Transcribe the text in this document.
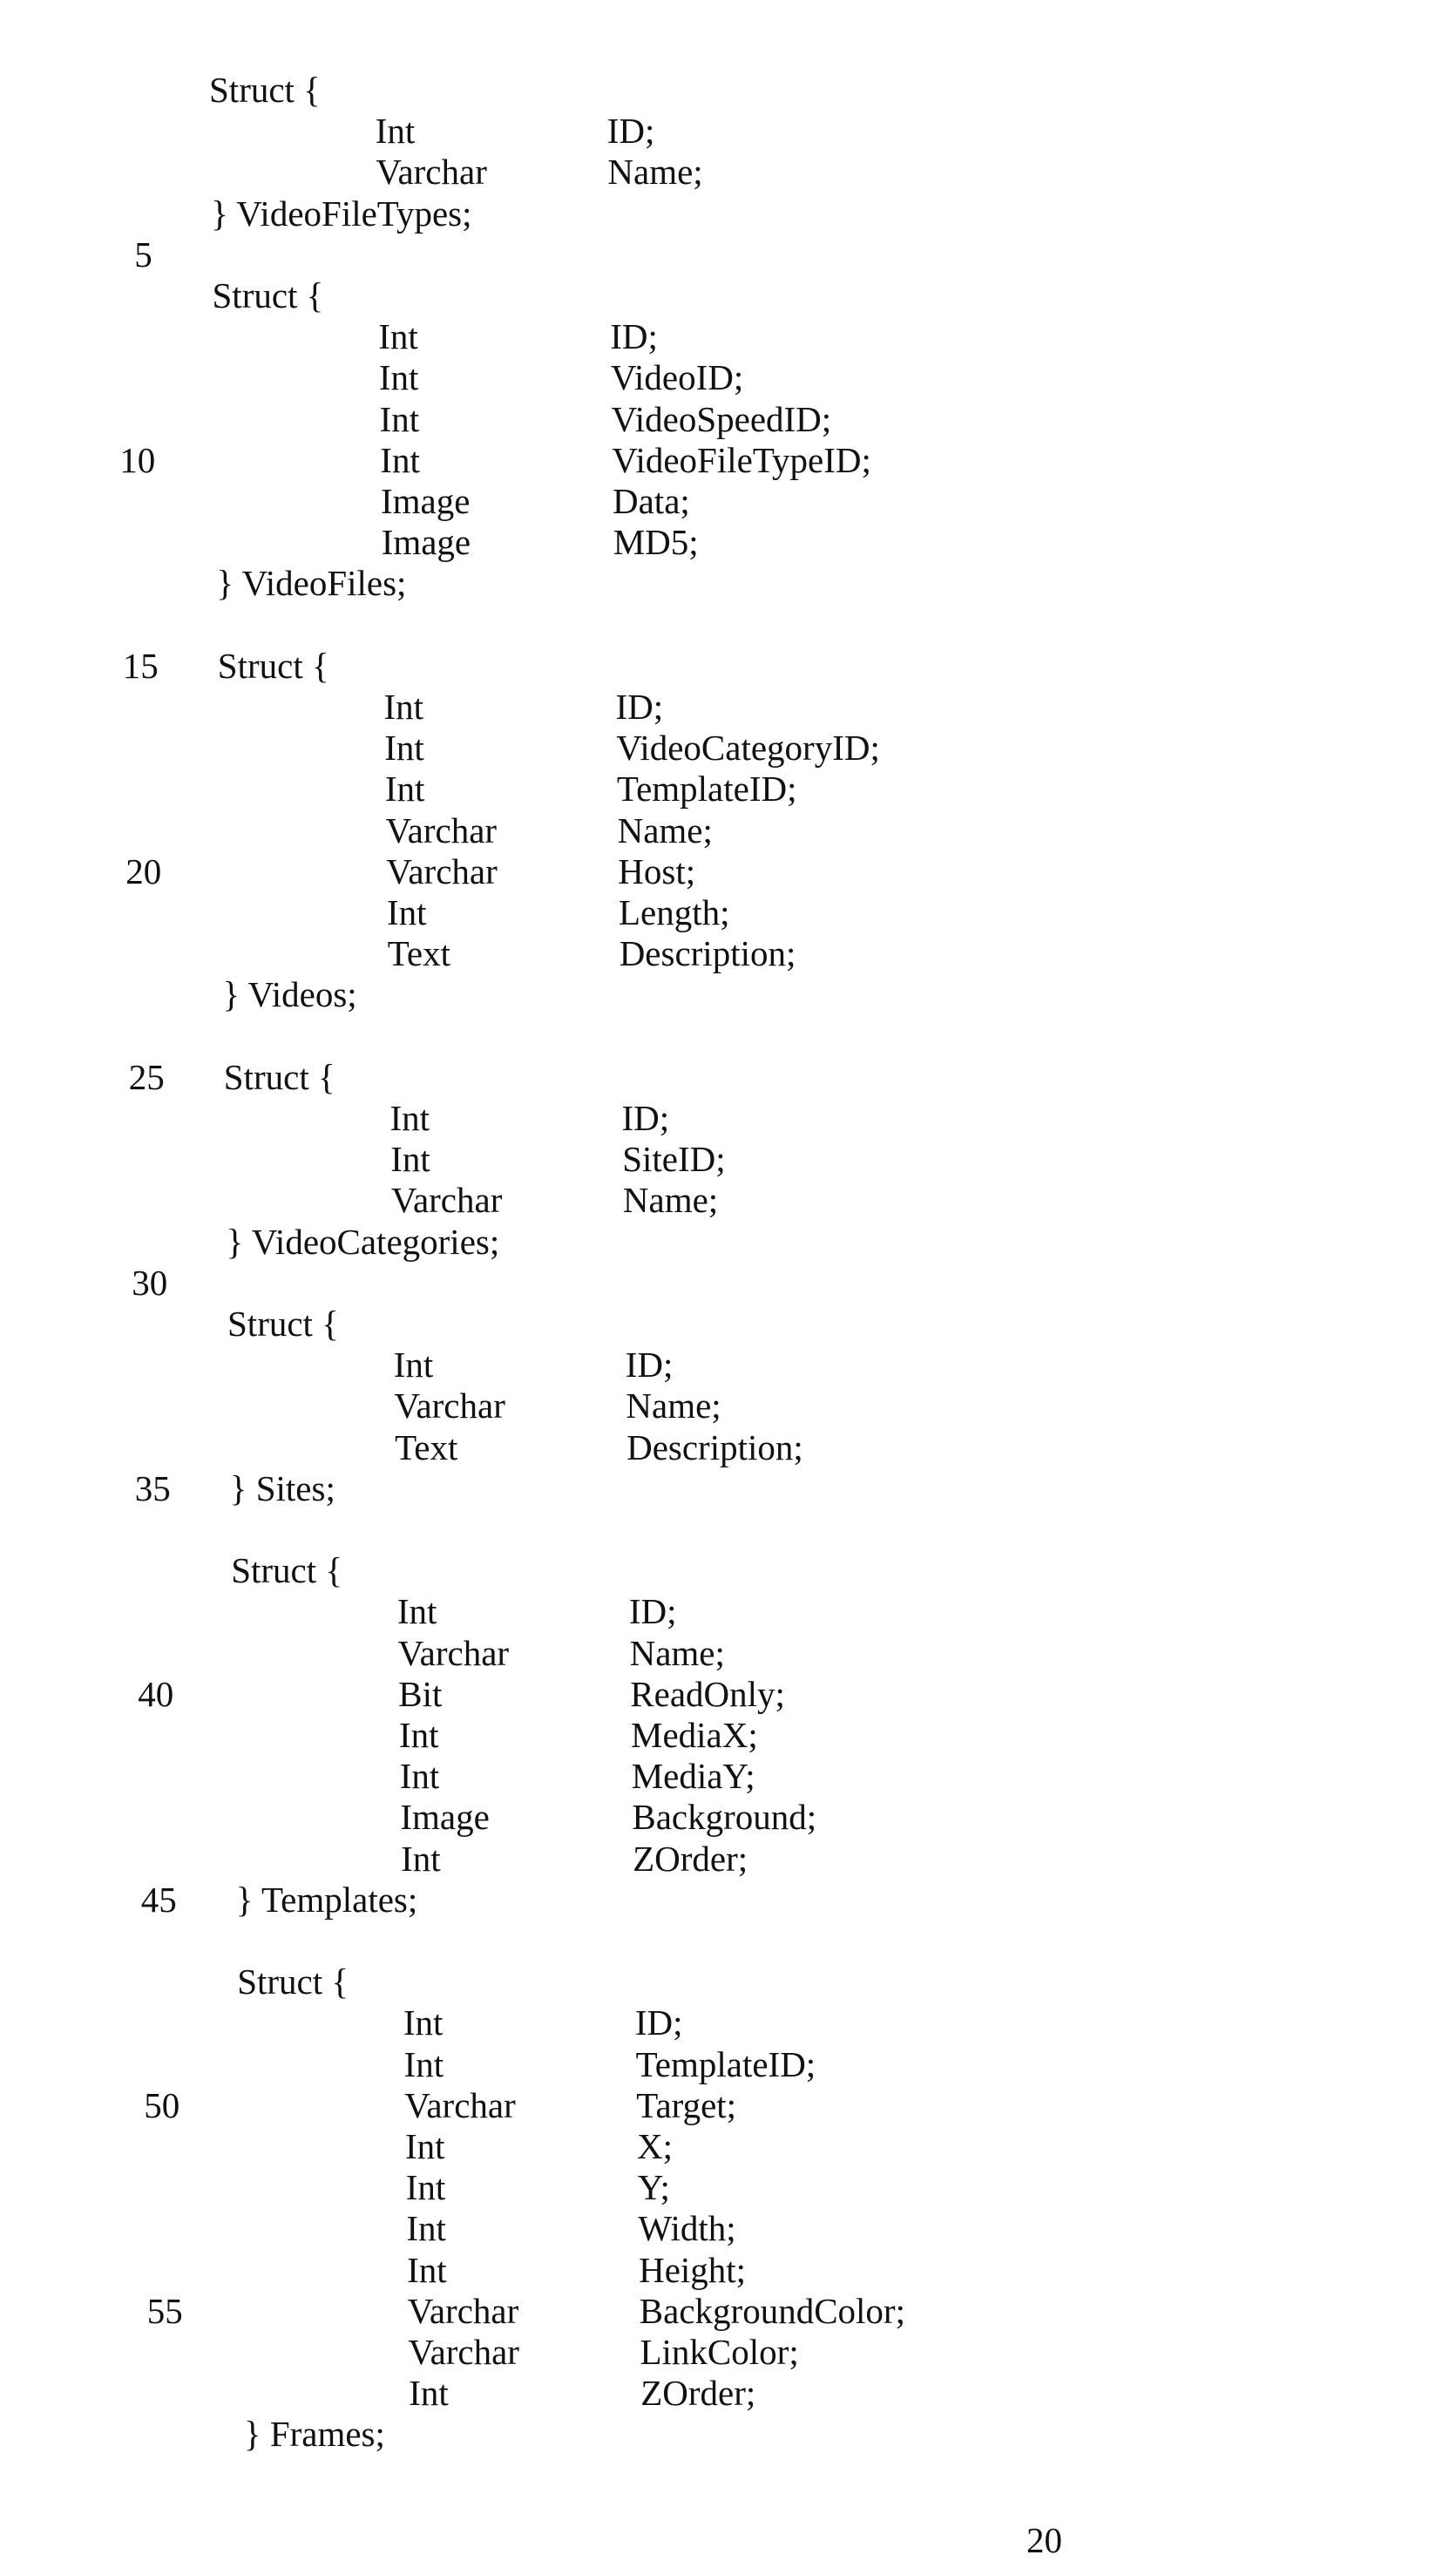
Struct {
Int	ID;
Varchar	Name;
} VideoFileTypes;
Struct {
Int	ID;
Int	VideoID;
Int	VideoSpeedID;
Int	VideoFileTypeID;
Image	Data;
Image	MD5;
} VideoFiles;
Struct {
Int	ID;
Int	VideoCategoryID;
Int	TemplateID;
Varchar	Name;
Varchar	Host;
Int	Length;
Text	Description;
} Videos;
Struct {
Int	ID;
Int	SiteID;
Varchar	Name;
} VideoCategories;
Struct {
Int	ID;
Varchar	Name;
Text	Description;
} Sites;
Struct {
Int	ID;
Varchar	Name;
Bit	ReadOnly;
Int	MediaX;
Int	MediaY;
Image	Background;
Int	ZOrder;
} Templates;
Struct {
Int	ID;
Int	TemplateID;
Varchar	Target;
Int	X;
Int	Y;
Int	Width;
Int	Height;
Varchar	BackgroundColor;
Varchar	LinkColor;
Int	ZOrder;
} Frames;
5
10
15
20
25
30
35
40
45
50
55
20
